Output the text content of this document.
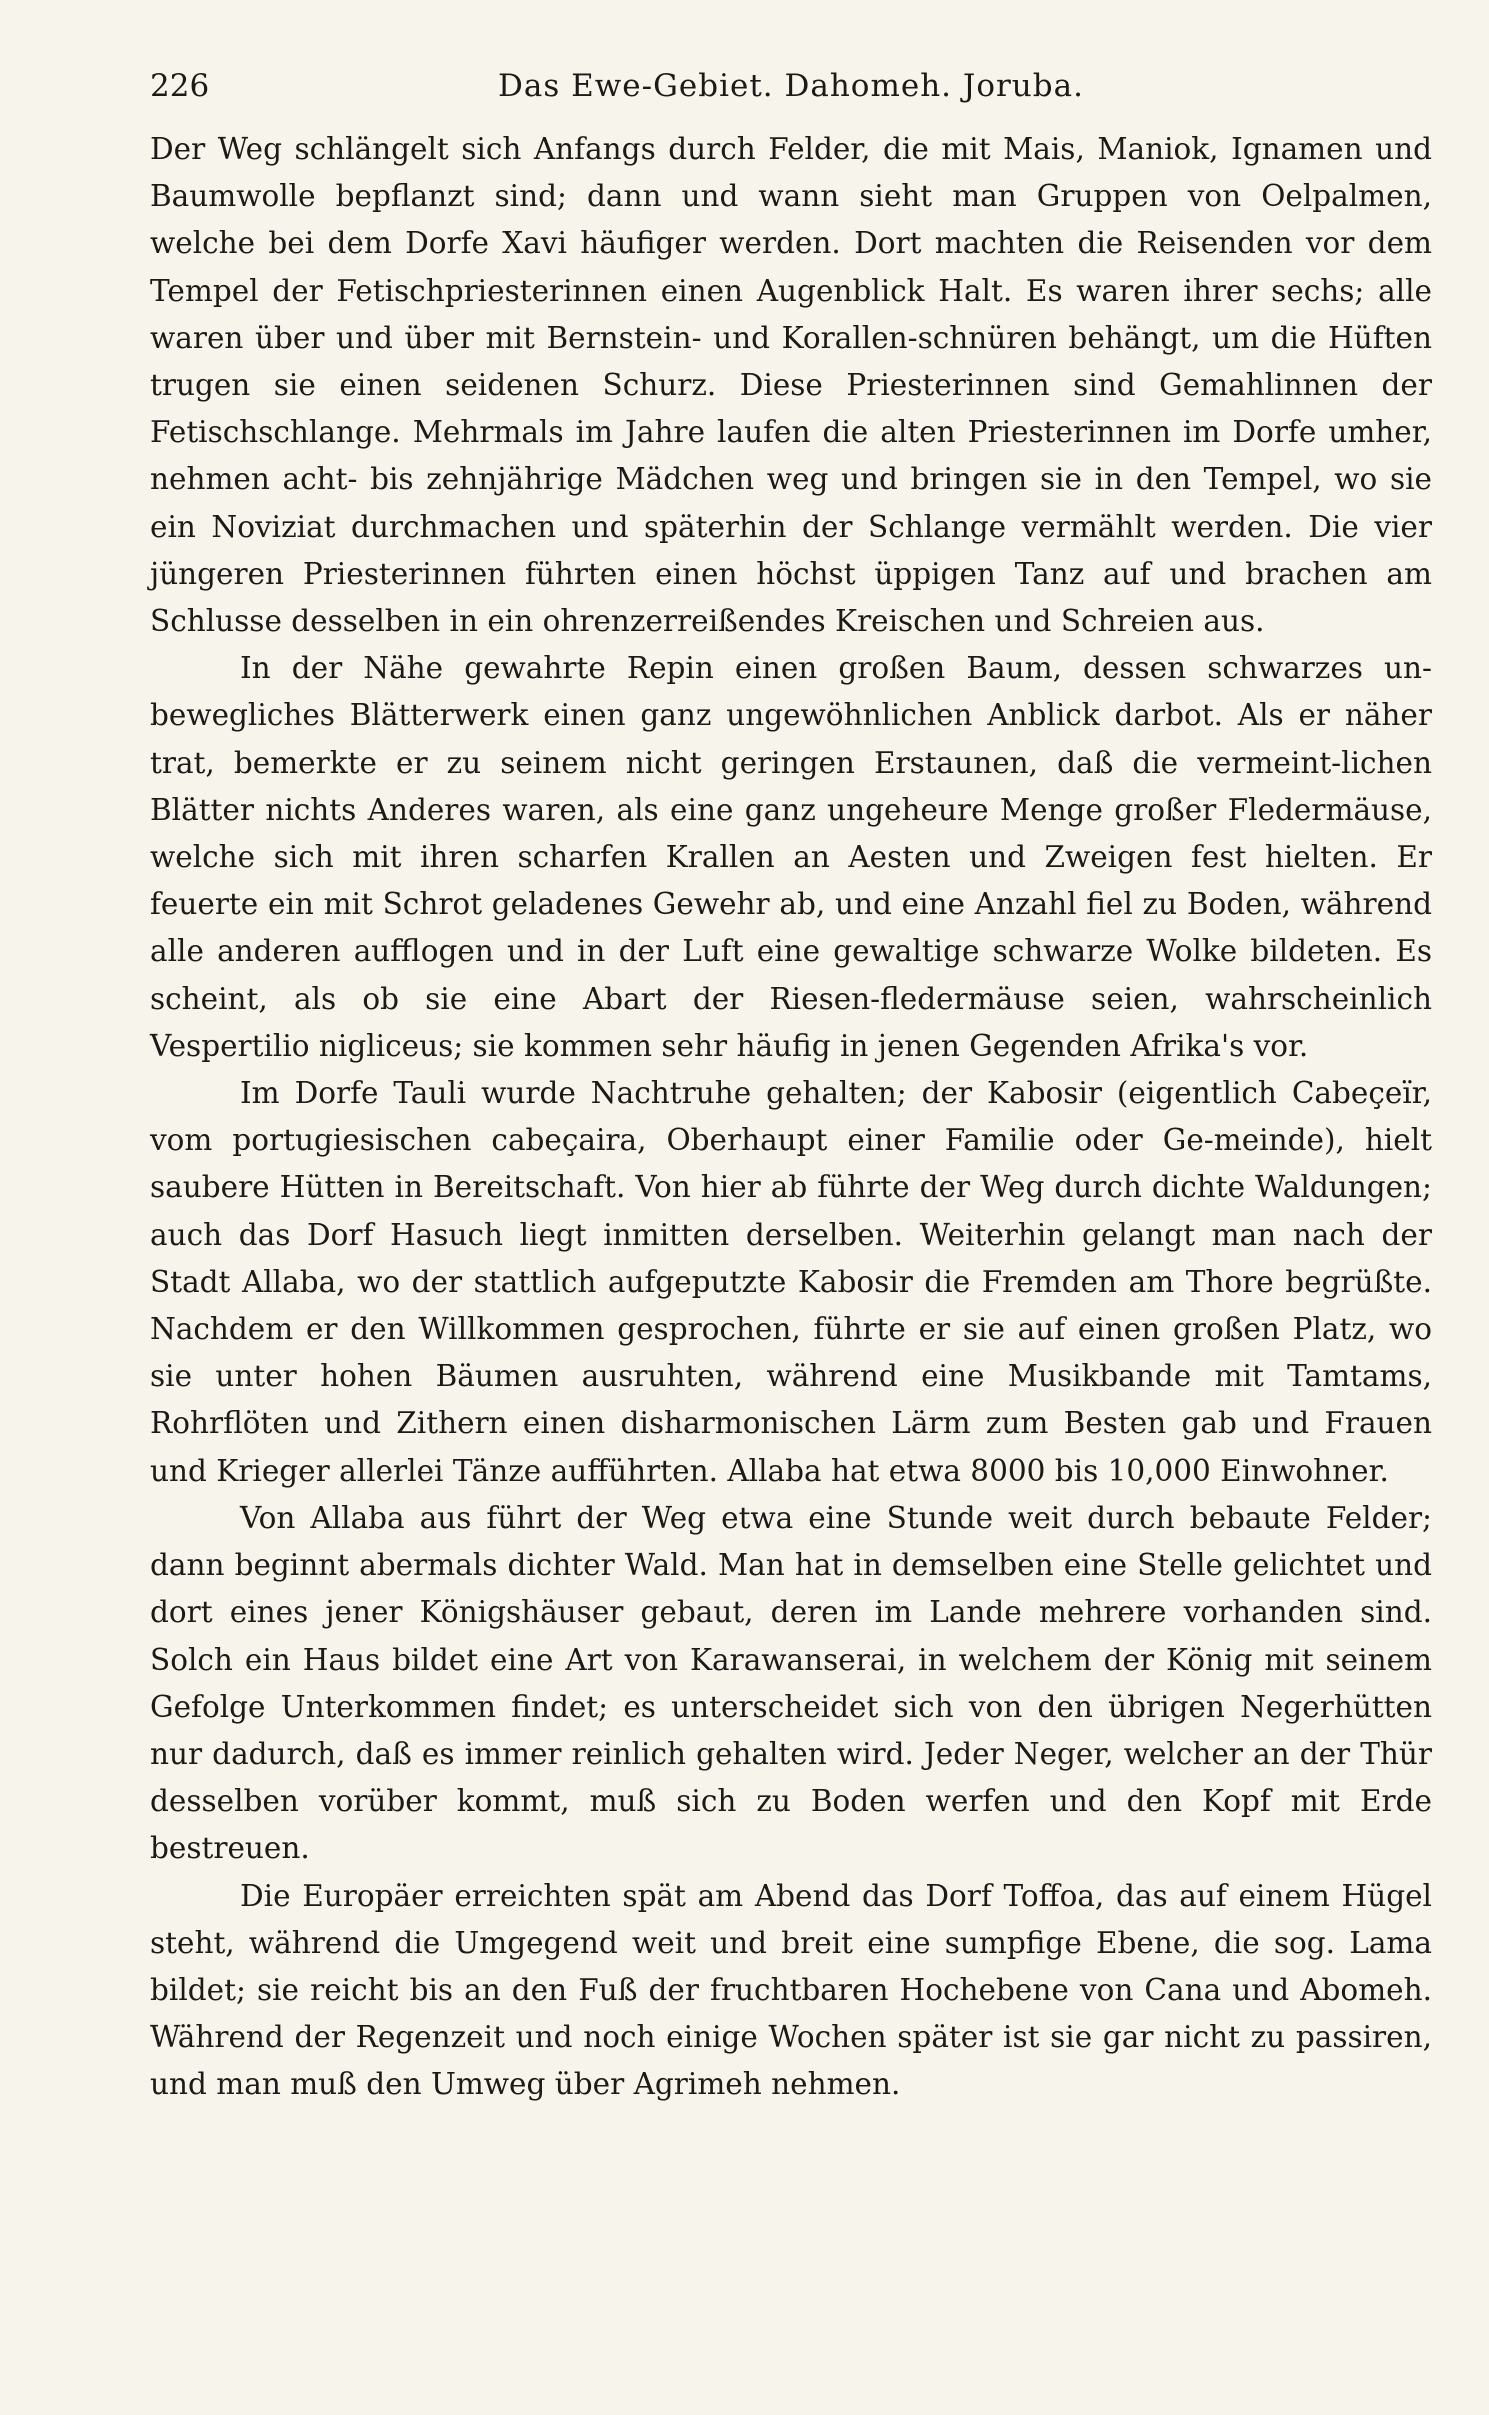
226	Das Ewe-Gebiet. Dahomeh. Joruba.

Der Weg schlängelt sich Anfangs durch Felder, die mit Mais, Maniok, Ignamen und Baumwolle bepflanzt sind; dann und wann sieht man Gruppen von Oelpalmen, welche bei dem Dorfe Xavi häufiger werden. Dort machten die Reisenden vor dem Tempel der Fetischpriesterinnen einen Augenblick Halt. Es waren ihrer sechs; alle waren über und über mit Bernstein- und Korallen-schnüren behängt, um die Hüften trugen sie einen seidenen Schurz. Diese Priesterinnen sind Gemahlinnen der Fetischschlange. Mehrmals im Jahre laufen die alten Priesterinnen im Dorfe umher, nehmen acht- bis zehnjährige Mädchen weg und bringen sie in den Tempel, wo sie ein Noviziat durchmachen und späterhin der Schlange vermählt werden. Die vier jüngeren Priesterinnen führten einen höchst üppigen Tanz auf und brachen am Schlusse desselben in ein ohrenzerreißendes Kreischen und Schreien aus.

In der Nähe gewahrte Repin einen großen Baum, dessen schwarzes un-bewegliches Blätterwerk einen ganz ungewöhnlichen Anblick darbot. Als er näher trat, bemerkte er zu seinem nicht geringen Erstaunen, daß die vermeint-lichen Blätter nichts Anderes waren, als eine ganz ungeheure Menge großer Fledermäuse, welche sich mit ihren scharfen Krallen an Aesten und Zweigen fest hielten. Er feuerte ein mit Schrot geladenes Gewehr ab, und eine Anzahl fiel zu Boden, während alle anderen aufflogen und in der Luft eine gewaltige schwarze Wolke bildeten. Es scheint, als ob sie eine Abart der Riesen-fledermäuse seien, wahrscheinlich Vespertilio nigliceus; sie kommen sehr häufig in jenen Gegenden Afrika's vor.

Im Dorfe Tauli wurde Nachtruhe gehalten; der Kabosir (eigentlich Cabeçeïr, vom portugiesischen cabeçaira, Oberhaupt einer Familie oder Ge-meinde), hielt saubere Hütten in Bereitschaft. Von hier ab führte der Weg durch dichte Waldungen; auch das Dorf Hasuch liegt inmitten derselben. Weiterhin gelangt man nach der Stadt Allaba, wo der stattlich aufgeputzte Kabosir die Fremden am Thore begrüßte. Nachdem er den Willkommen gesprochen, führte er sie auf einen großen Platz, wo sie unter hohen Bäumen ausruhten, während eine Musikbande mit Tamtams, Rohrflöten und Zithern einen disharmonischen Lärm zum Besten gab und Frauen und Krieger allerlei Tänze aufführten. Allaba hat etwa 8000 bis 10,000 Einwohner.

Von Allaba aus führt der Weg etwa eine Stunde weit durch bebaute Felder; dann beginnt abermals dichter Wald. Man hat in demselben eine Stelle gelichtet und dort eines jener Königshäuser gebaut, deren im Lande mehrere vorhanden sind. Solch ein Haus bildet eine Art von Karawanserai, in welchem der König mit seinem Gefolge Unterkommen findet; es unterscheidet sich von den übrigen Negerhütten nur dadurch, daß es immer reinlich gehalten wird. Jeder Neger, welcher an der Thür desselben vorüber kommt, muß sich zu Boden werfen und den Kopf mit Erde bestreuen.

Die Europäer erreichten spät am Abend das Dorf Toffoa, das auf einem Hügel steht, während die Umgegend weit und breit eine sumpfige Ebene, die sog. Lama bildet; sie reicht bis an den Fuß der fruchtbaren Hochebene von Cana und Abomeh. Während der Regenzeit und noch einige Wochen später ist sie gar nicht zu passiren, und man muß den Umweg über Agrimeh nehmen.
